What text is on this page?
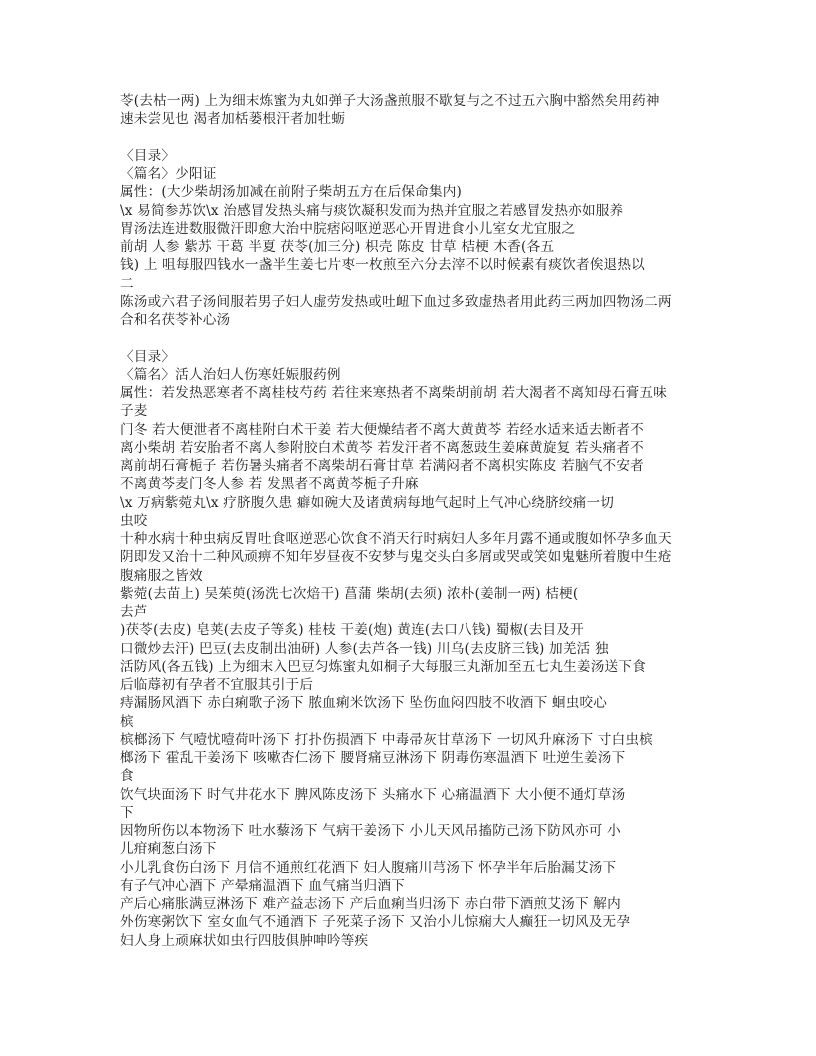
苓(去枯一两) 上为细末炼蜜为丸如弹子大汤盏煎服不歇复与之不过五六胸中豁然矣用药神
速未尝见也 渴者加栝蒌根汗者加牡蛎
〈目录〉
〈篇名〉少阳证
属性：(大少柴胡汤加减在前附子柴胡五方在后保命集内)
\x 易简参苏饮\x 治感冒发热头痛与痰饮凝积发而为热并宜服之若感冒发热亦如服养
胃汤法连进数服微汗即愈大治中脘痞闷呕逆恶心开胃进食小儿室女尤宜服之
前胡 人参 紫苏 干葛 半夏 茯苓(加三分) 枳壳 陈皮 甘草 桔梗 木香(各五
钱) 上 咀每服四钱水一盏半生姜七片枣一枚煎至六分去滓不以时候素有痰饮者俟退热以
二
陈汤或六君子汤间服若男子妇人虚劳发热或吐衄下血过多致虚热者用此药三两加四物汤二两
合和名茯苓补心汤
〈目录〉
〈篇名〉活人治妇人伤寒妊娠服药例
属性：若发热恶寒者不离桂枝芍药 若往来寒热者不离柴胡前胡 若大渴者不离知母石膏五味
子麦
门冬 若大便泄者不离桂附白术干姜 若大便燥结者不离大黄黄芩 若经水适来适去断者不
离小柴胡 若安胎者不离人参附胶白术黄芩 若发汗者不离葱豉生姜麻黄旋复 若头痛者不
离前胡石膏栀子 若伤暑头痛者不离柴胡石膏甘草 若满闷者不离枳实陈皮 若脑气不安者
不离黄芩麦门冬人参 若 发黑者不离黄芩栀子升麻
\x 万病紫菀丸\x 疗脐腹久患 癖如碗大及诸黄病每地气起时上气冲心绕脐绞痛一切
虫咬
十种水病十种虫病反胃吐食呕逆恶心饮食不消天行时病妇人多年月露不通或腹如怀孕多血天
阴即发又治十二种风顽痹不知年岁昼夜不安梦与鬼交头白多屑或哭或笑如鬼魅所着腹中生疮
腹痛服之皆效
紫菀(去苗上) 吴茱萸(汤洗七次焙干) 菖蒲 柴胡(去须) 浓朴(姜制一两) 桔梗(
去芦
)茯苓(去皮) 皂荚(去皮子等炙) 桂枝 干姜(炮) 黄连(去口八钱) 蜀椒(去目及开
口微炒去汗) 巴豆(去皮制出油研) 人参(去芦各一钱) 川乌(去皮脐三钱) 加羌活 独
活防风(各五钱) 上为细末入巴豆匀炼蜜丸如桐子大每服三丸渐加至五七丸生姜汤送下食
后临蓐初有孕者不宜服其引于后
痔漏肠风酒下 赤白痢歌子汤下 脓血痢米饮汤下 坠伤血闷四肢不收酒下 蛔虫咬心
槟
槟榔汤下 气噎忧噎荷叶汤下 打扑伤损酒下 中毒帚灰甘草汤下 一切风升麻汤下 寸白虫槟
榔汤下 霍乱干姜汤下 咳嗽杏仁汤下 腰肾痛豆淋汤下 阴毒伤寒温酒下 吐逆生姜汤下
食
饮气块面汤下 时气井花水下 脾风陈皮汤下 头痛水下 心痛温酒下 大小便不通灯草汤
下
因物所伤以本物汤下 吐水藜汤下 气病干姜汤下 小儿天风吊搐防己汤下防风亦可 小
儿疳痢葱白汤下
小儿乳食伤白汤下 月信不通煎红花酒下 妇人腹痛川芎汤下 怀孕半年后胎漏艾汤下
有子气冲心酒下 产晕痛温酒下 血气痛当归酒下
产后心痛胀满豆淋汤下 难产益志汤下 产后血痢当归汤下 赤白带下酒煎艾汤下 解内
外伤寒粥饮下 室女血气不通酒下 子死菜子汤下 又治小儿惊痫大人癫狂一切风及无孕
妇人身上顽麻状如虫行四肢俱肿呻吟等疾
